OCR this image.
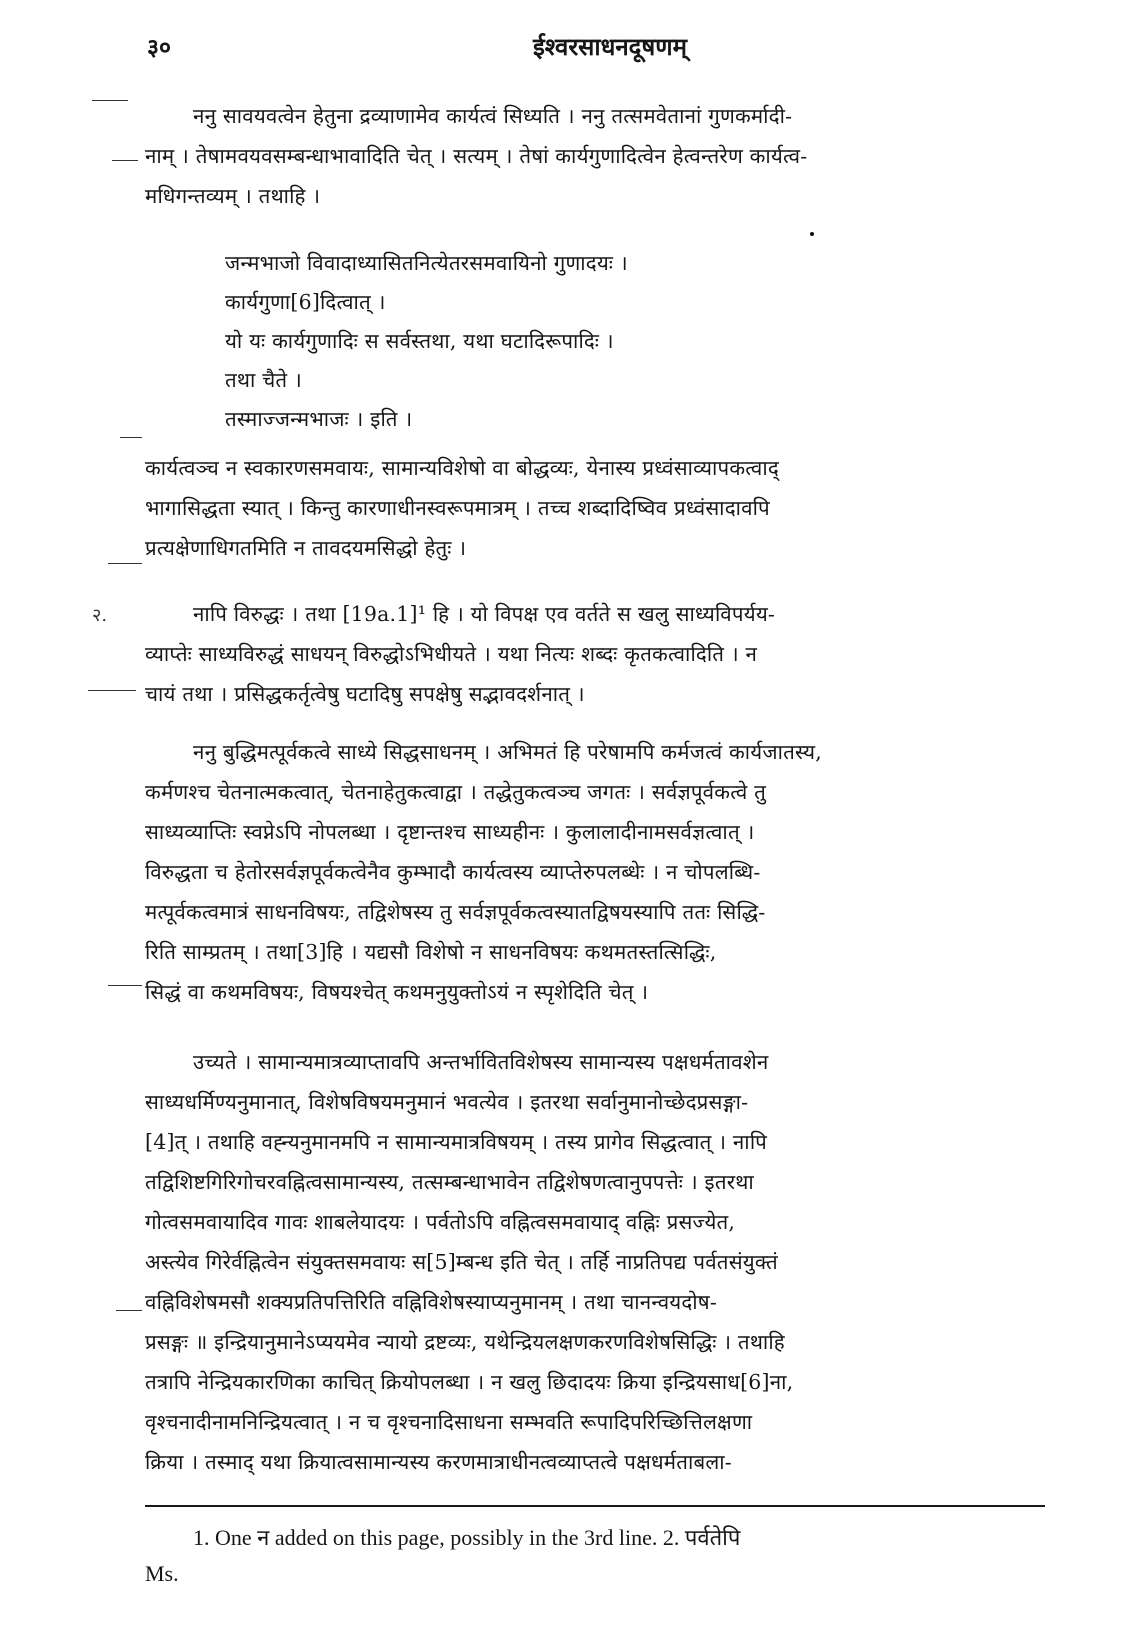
३०	ईश्वरसाधनदूषणम्
२.
ननु सावयवत्वेन हेतुना द्रव्याणामेव कार्यत्वं सिध्यति । ननु तत्समवेतानां गुणकर्मादी-
नाम् । तेषामवयवसम्बन्धाभावादिति चेत् । सत्यम् । तेषां कार्यगुणादित्वेन हेत्वन्तरेण कार्यत्व-
मधिगन्तव्यम् । तथाहि ।
जन्मभाजो विवादाध्यासितनित्येतरसमवायिनो गुणादयः ।
कार्यगुणा[6]दित्वात् ।
यो यः कार्यगुणादिः स सर्वस्तथा, यथा घटादिरूपादिः ।
तथा चैते ।
तस्माज्जन्मभाजः । इति ।
कार्यत्वञ्च न स्वकारणसमवायः, सामान्यविशेषो वा बोद्धव्यः, येनास्य प्रध्वंसाव्यापकत्वाद्
भागासिद्धता स्यात् । किन्तु कारणाधीनस्वरूपमात्रम् । तच्च शब्दादिष्विव प्रध्वंसादावपि
प्रत्यक्षेणाधिगतमिति न तावदयमसिद्धो हेतुः ।
नापि विरुद्धः । तथा [19a.1]¹ हि । यो विपक्ष एव वर्तते स खलु साध्यविपर्यय-
व्याप्तेः साध्यविरुद्धं साधयन् विरुद्धोऽभिधीयते । यथा नित्यः शब्दः कृतकत्वादिति । न
चायं तथा । प्रसिद्धकर्तृत्वेषु घटादिषु सपक्षेषु सद्भावदर्शनात् ।
ननु बुद्धिमत्पूर्वकत्वे साध्ये सिद्धसाधनम् । अभिमतं हि परेषामपि कर्मजत्वं कार्यजातस्य,
कर्मणश्च चेतनात्मकत्वात्, चेतनाहेतुकत्वाद्वा । तद्धेतुकत्वञ्च जगतः । सर्वज्ञपूर्वकत्वे तु
साध्यव्याप्तिः स्वप्नेऽपि नोपलब्धा । दृष्टान्तश्च साध्यहीनः । कुलालादीनामसर्वज्ञत्वात् ।
विरुद्धता च हेतोरसर्वज्ञपूर्वकत्वेनैव कुम्भादौ कार्यत्वस्य व्याप्तेरुपलब्धेः । न चोपलब्धि-
मत्पूर्वकत्वमात्रं साधनविषयः, तद्विशेषस्य तु सर्वज्ञपूर्वकत्वस्यातद्विषयस्यापि ततः सिद्धि-
रिति साम्प्रतम् । तथा[3]हि । यद्यसौ विशेषो न साधनविषयः कथमतस्तत्सिद्धिः,
सिद्धं वा कथमविषयः, विषयश्चेत् कथमनुयुक्तोऽयं न स्पृशेदिति चेत् ।
उच्यते । सामान्यमात्रव्याप्तावपि अन्तर्भावितविशेषस्य सामान्यस्य पक्षधर्मतावशेन
साध्यधर्मिण्यनुमानात्, विशेषविषयमनुमानं भवत्येव । इतरथा सर्वानुमानोच्छेदप्रसङ्गा-
[4]त् । तथाहि वह्न्यनुमानमपि न सामान्यमात्रविषयम् । तस्य प्रागेव सिद्धत्वात् । नापि
तद्विशिष्टगिरिगोचरवह्नित्वसामान्यस्य, तत्सम्बन्धाभावेन तद्विशेषणत्वानुपपत्तेः । इतरथा
गोत्वसमवायादिव गावः शाबलेयादयः । पर्वतोऽपि वह्नित्वसमवायाद् वह्निः प्रसज्येत,
अस्त्येव गिरेर्वह्नित्वेन संयुक्तसमवायः स[5]म्बन्ध इति चेत् । तर्हि नाप्रतिपद्य पर्वतसंयुक्तं
वह्निविशेषमसौ शक्यप्रतिपत्तिरिति वह्निविशेषस्याप्यनुमानम् । तथा चानन्वयदोष-
प्रसङ्गः ॥ इन्द्रियानुमानेऽप्ययमेव न्यायो द्रष्टव्यः, यथेन्द्रियलक्षणकरणविशेषसिद्धिः । तथाहि
तत्रापि नेन्द्रियकारणिका काचित् क्रियोपलब्धा । न खलु छिदादयः क्रिया इन्द्रियसाध[6]ना,
वृश्चनादीनामनिन्द्रियत्वात् । न च वृश्चनादिसाधना सम्भवति रूपादिपरिच्छित्तिलक्षणा
क्रिया । तस्माद् यथा क्रियात्वसामान्यस्य करणमात्राधीनत्वव्याप्तत्वे पक्षधर्मताबला-
1. One न added on this page, possibly in the 3rd line. 2. पर्वतेपि
Ms.
